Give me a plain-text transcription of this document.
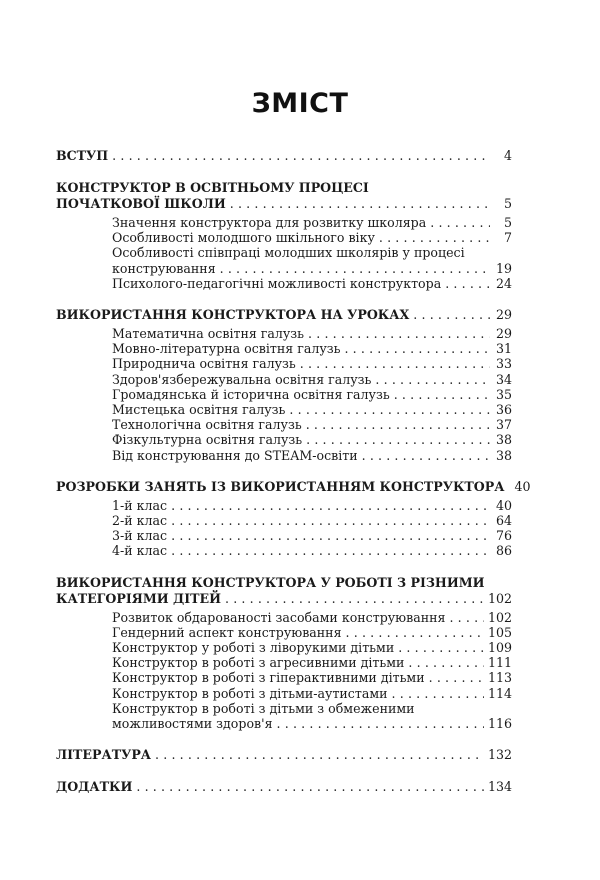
ЗМІСТ
ВСТУП . . .	4
КОНСТРУКТОР В ОСВІТНЬОМУ ПРОЦЕСІ
ПОЧАТКОВОЇ ШКОЛИ . . .	5
Значення конструктора для розвитку школяра . . .	5
Особливості молодшого шкільного віку . . .	7
Особливості співпраці молодших школярів у процесі
конструювання . . .	19
Психолого-педагогічні можливості конструктора . . .	24
ВИКОРИСТАННЯ КОНСТРУКТОРА НА УРОКАХ . . .	29
Математична освітня галузь . . .	29
Мовно-літературна освітня галузь . . .	31
Природнича освітня галузь . . .	33
Здоров'язбережувальна освітня галузь . . .	34
Громадянська й історична освітня галузь . . .	35
Мистецька освітня галузь . . .	36
Технологічна освітня галузь . . .	37
Фізкультурна освітня галузь . . .	38
Від конструювання до STEAM-освіти . . .	38
РОЗРОБКИ ЗАНЯТЬ ІЗ ВИКОРИСТАННЯМ КОНСТРУКТОРА 40
1-й клас . . .	40
2-й клас . . .	64
3-й клас . . .	76
4-й клас . . .	86
ВИКОРИСТАННЯ КОНСТРУКТОРА У РОБОТІ З РІЗНИМИ
КАТЕГОРІЯМИ ДІТЕЙ . . .	102
Розвиток обдарованості засобами конструювання . . .	102
Гендерний аспект конструювання . . .	105
Конструктор у роботі з ліворукими дітьми . . .	109
Конструктор в роботі з агресивними дітьми . . .	111
Конструктор в роботі з гіперактивними дітьми . . .	113
Конструктор в роботі з дітьми-аутистами . . .	114
Конструктор в роботі з дітьми з обмеженими
можливостями здоров'я . . .	116
ЛІТЕРАТУРА . . .	132
ДОДАТКИ . . .	134
